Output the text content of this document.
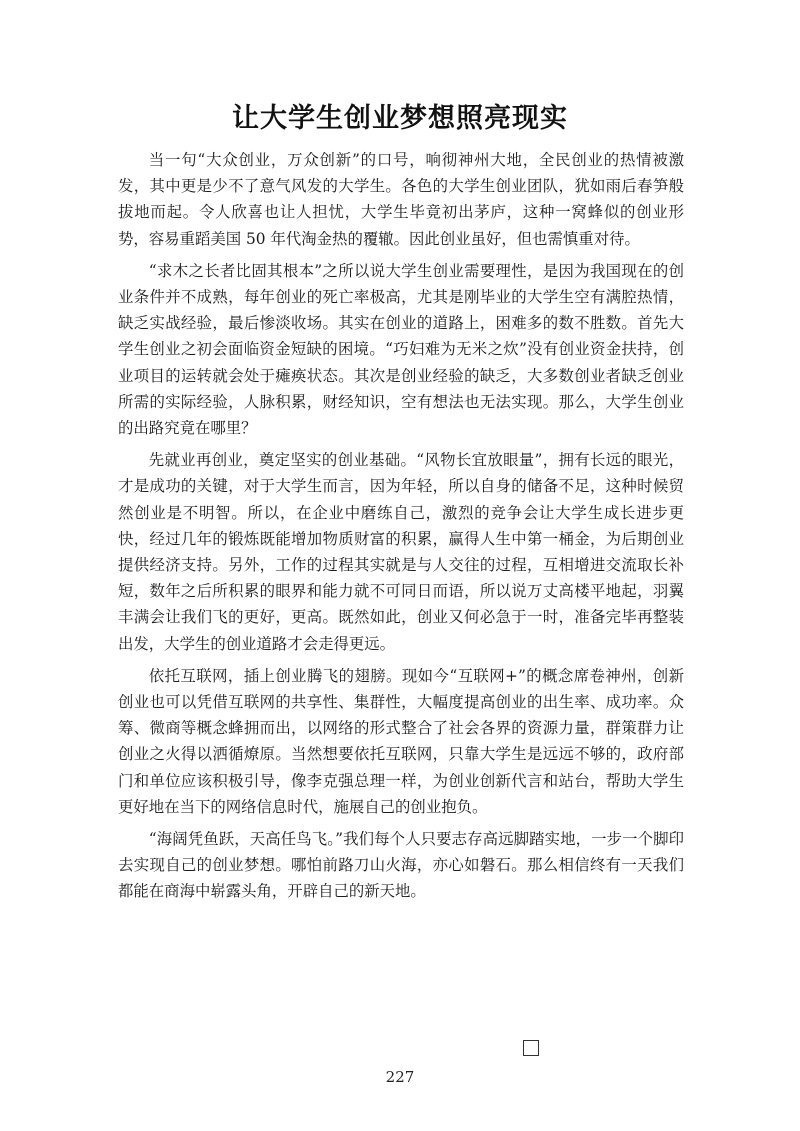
让大学生创业梦想照亮现实

当一句“大众创业，万众创新”的口号，响彻神州大地，全民创业的热情被激发，其中更是少不了意气风发的大学生。各色的大学生创业团队，犹如雨后春笋般拔地而起。令人欣喜也让人担忧，大学生毕竟初出茅庐，这种一窝蜂似的创业形势，容易重蹈美国 50 年代淘金热的覆辙。因此创业虽好，但也需慎重对待。

“求木之长者比固其根本”之所以说大学生创业需要理性，是因为我国现在的创业条件并不成熟，每年创业的死亡率极高，尤其是刚毕业的大学生空有满腔热情，缺乏实战经验，最后惨淡收场。其实在创业的道路上，困难多的数不胜数。首先大学生创业之初会面临资金短缺的困境。“巧妇难为无米之炊”没有创业资金扶持，创业项目的运转就会处于瘫痪状态。其次是创业经验的缺乏，大多数创业者缺乏创业所需的实际经验，人脉积累，财经知识，空有想法也无法实现。那么，大学生创业的出路究竟在哪里？

先就业再创业，奠定坚实的创业基础。“风物长宜放眼量”，拥有长远的眼光，才是成功的关键，对于大学生而言，因为年轻，所以自身的储备不足，这种时候贸然创业是不明智。所以，在企业中磨练自己，激烈的竞争会让大学生成长进步更快，经过几年的锻炼既能增加物质财富的积累，赢得人生中第一桶金，为后期创业提供经济支持。另外，工作的过程其实就是与人交往的过程，互相增进交流取长补短，数年之后所积累的眼界和能力就不可同日而语，所以说万丈高楼平地起，羽翼丰满会让我们飞的更好，更高。既然如此，创业又何必急于一时，准备完毕再整装出发，大学生的创业道路才会走得更远。

依托互联网，插上创业腾飞的翅膀。现如今“互联网+”的概念席卷神州，创新创业也可以凭借互联网的共享性、集群性，大幅度提高创业的出生率、成功率。众筹、微商等概念蜂拥而出，以网络的形式整合了社会各界的资源力量，群策群力让创业之火得以洒循燎原。当然想要依托互联网，只靠大学生是远远不够的，政府部门和单位应该积极引导，像李克强总理一样，为创业创新代言和站台，帮助大学生更好地在当下的网络信息时代，施展自己的创业抱负。

“海阔凭鱼跃，天高任鸟飞。”我们每个人只要志存高远脚踏实地，一步一个脚印去实现自己的创业梦想。哪怕前路刀山火海，亦心如磐石。那么相信终有一天我们都能在商海中崭露头角，开辟自己的新天地。

227
